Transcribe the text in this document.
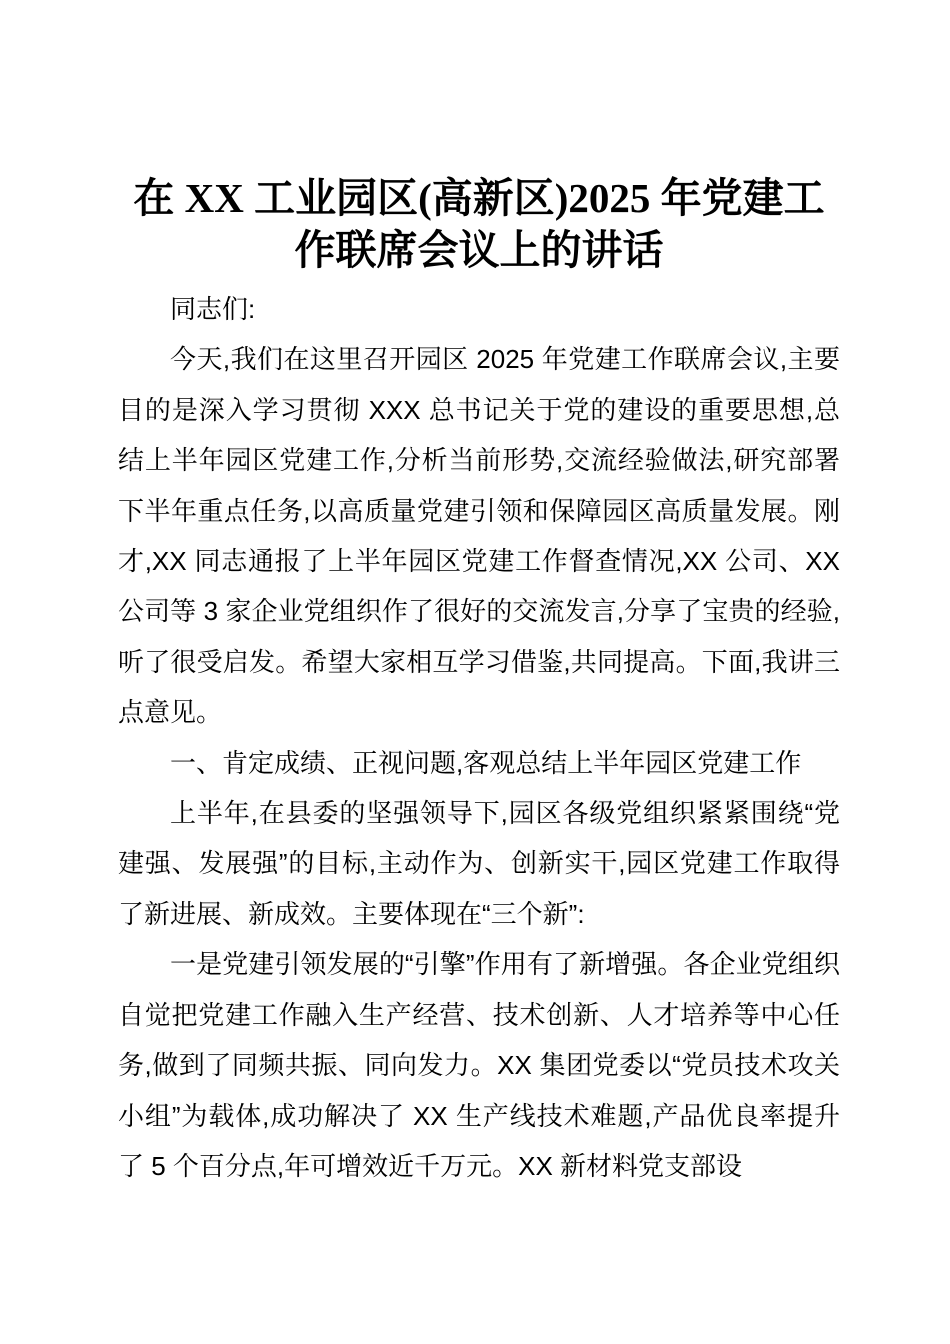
在 XX 工业园区(高新区)2025 年党建工
作联席会议上的讲话

同志们:

今天,我们在这里召开园区 2025 年党建工作联席会议,主要目的是深入学习贯彻 XXX 总书记关于党的建设的重要思想,总结上半年园区党建工作,分析当前形势,交流经验做法,研究部署下半年重点任务,以高质量党建引领和保障园区高质量发展。刚才,XX 同志通报了上半年园区党建工作督查情况,XX 公司、XX 公司等 3 家企业党组织作了很好的交流发言,分享了宝贵的经验,听了很受启发。希望大家相互学习借鉴,共同提高。下面,我讲三点意见。

一、肯定成绩、正视问题,客观总结上半年园区党建工作

上半年,在县委的坚强领导下,园区各级党组织紧紧围绕“党建强、发展强”的目标,主动作为、创新实干,园区党建工作取得了新进展、新成效。主要体现在“三个新”:

一是党建引领发展的“引擎”作用有了新增强。各企业党组织自觉把党建工作融入生产经营、技术创新、人才培养等中心任务,做到了同频共振、同向发力。XX 集团党委以“党员技术攻关小组”为载体,成功解决了 XX 生产线技术难题,产品优良率提升了 5 个百分点,年可增效近千万元。XX 新材料党支部设
